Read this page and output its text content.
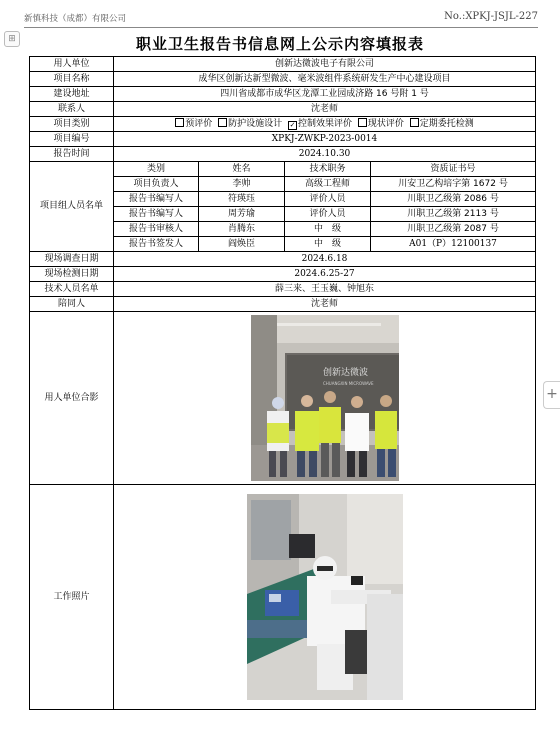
新慎科技（成都）有限公司	No.:XPKJ-JSJL-227
⊞
+
职业卫生报告书信息网上公示内容填报表
用人单位	创新达微波电子有限公司			
项目名称	成华区创新达新型微波、毫米波组件系统研发生产中心建设项目			
建设地址	四川省成都市成华区龙潭工业园成济路 16 号附 1 号			
联系人	沈老师			
项目类别	预评价 防护设施设计 ✓ 控制效果评价 现状评价 定期委托检测			
项目编号	XPKJ-ZWKP-2023-0014			
报告时间	2024.10.30			
项目组人员名单	类别	姓名	技术职务	资质证书号
	项目负责人	李帅	高级工程师	川安卫乙构培字第 1672 号
	报告书编写人	符瑛珏	评价人员	川职卫乙级第 2086 号
	报告书编写人	周芳瑜	评价人员	川职卫乙级第 2113 号
	报告书审核人	肖腾东	中　级	川职卫乙级第 2087 号
	报告书签发人	阎焕臣	中　级	A01（P）12100137
现场调查日期	2024.6.18			
现场检测日期	2024.6.25-27			
技术人员名单	薛三来、王玉巍、钟旭东			
陪同人	沈老师			
用人单位合影	创新达微波
CHUANGXIN MICROWAVE			

工作照片	
